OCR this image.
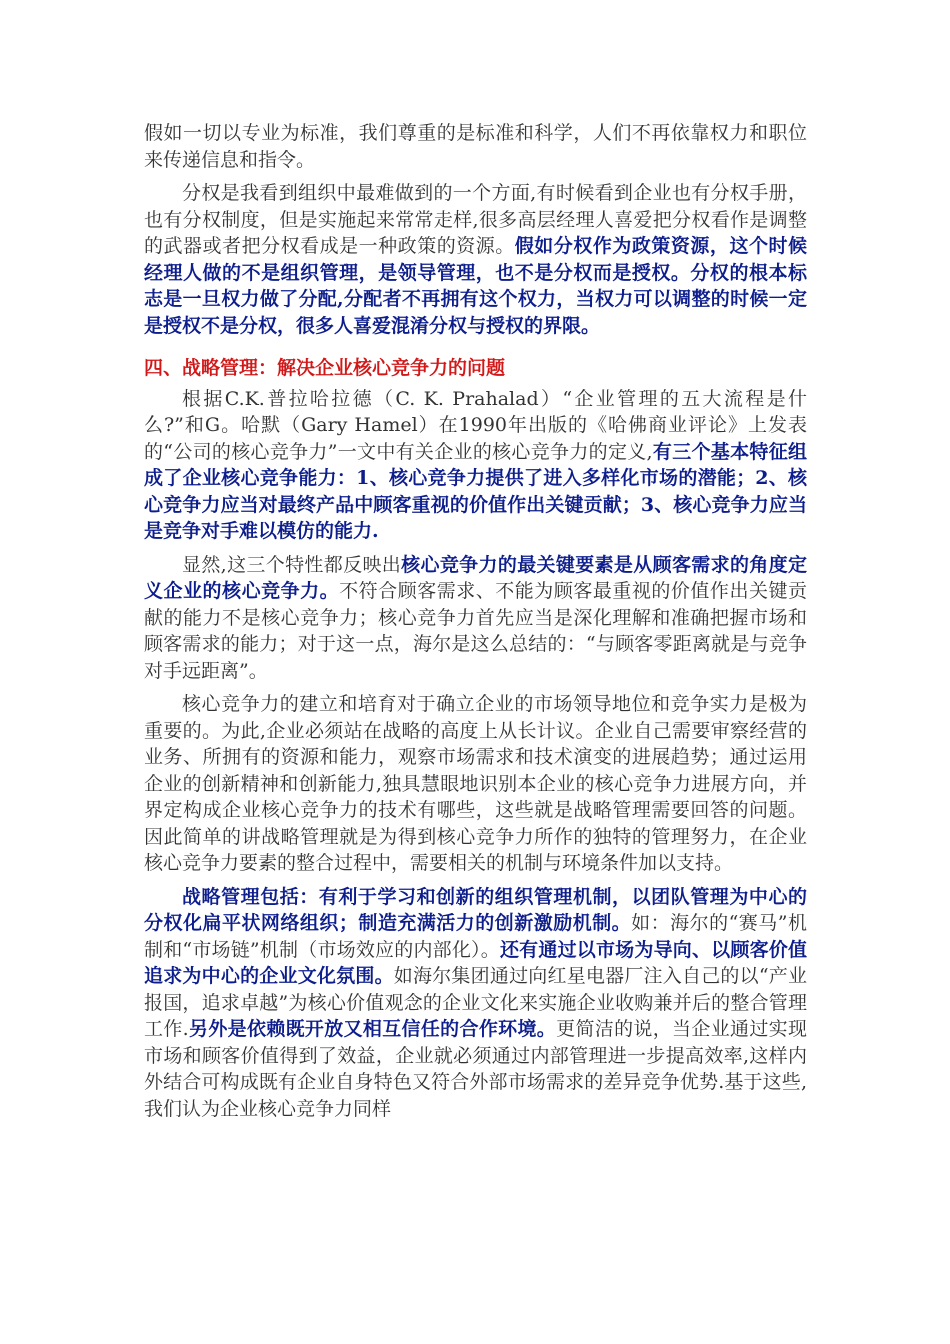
假如一切以专业为标准，我们尊重的是标准和科学，人们不再依靠权力和职位来传递信息和指令。

分权是我看到组织中最难做到的一个方面,有时候看到企业也有分权手册，也有分权制度，但是实施起来常常走样,很多高层经理人喜爱把分权看作是调整的武器或者把分权看成是一种政策的资源。假如分权作为政策资源，这个时候经理人做的不是组织管理，是领导管理，也不是分权而是授权。分权的根本标志是一旦权力做了分配,分配者不再拥有这个权力，当权力可以调整的时候一定是授权不是分权，很多人喜爱混淆分权与授权的界限。

四、战略管理：解决企业核心竞争力的问题

根据C.K.普拉哈拉德（C. K. Prahalad）“企业管理的五大流程是什么?”和G。哈默（Gary Hamel）在1990年出版的《哈佛商业评论》上发表的“公司的核心竞争力”一文中有关企业的核心竞争力的定义,有三个基本特征组成了企业核心竞争能力：1、核心竞争力提供了进入多样化市场的潜能；2、核心竞争力应当对最终产品中顾客重视的价值作出关键贡献；3、核心竞争力应当是竞争对手难以模仿的能力.

显然,这三个特性都反映出核心竞争力的最关键要素是从顾客需求的角度定义企业的核心竞争力。不符合顾客需求、不能为顾客最重视的价值作出关键贡献的能力不是核心竞争力；核心竞争力首先应当是深化理解和准确把握市场和顾客需求的能力；对于这一点，海尔是这么总结的：“与顾客零距离就是与竞争对手远距离”。

核心竞争力的建立和培育对于确立企业的市场领导地位和竞争实力是极为重要的。为此,企业必须站在战略的高度上从长计议。企业自己需要审察经营的业务、所拥有的资源和能力，观察市场需求和技术演变的进展趋势；通过运用企业的创新精神和创新能力,独具慧眼地识别本企业的核心竞争力进展方向，并界定构成企业核心竞争力的技术有哪些，这些就是战略管理需要回答的问题。因此简单的讲战略管理就是为得到核心竞争力所作的独特的管理努力，在企业核心竞争力要素的整合过程中，需要相关的机制与环境条件加以支持。

战略管理包括：有利于学习和创新的组织管理机制，以团队管理为中心的分权化扁平状网络组织；制造充满活力的创新激励机制。如：海尔的“赛马”机制和“市场链”机制（市场效应的内部化）。还有通过以市场为导向、以顾客价值追求为中心的企业文化氛围。如海尔集团通过向红星电器厂注入自己的以“产业报国，追求卓越”为核心价值观念的企业文化来实施企业收购兼并后的整合管理工作.另外是依赖既开放又相互信任的合作环境。更简洁的说，当企业通过实现市场和顾客价值得到了效益，企业就必须通过内部管理进一步提高效率,这样内外结合可构成既有企业自身特色又符合外部市场需求的差异竞争优势.基于这些,我们认为企业核心竞争力同样
